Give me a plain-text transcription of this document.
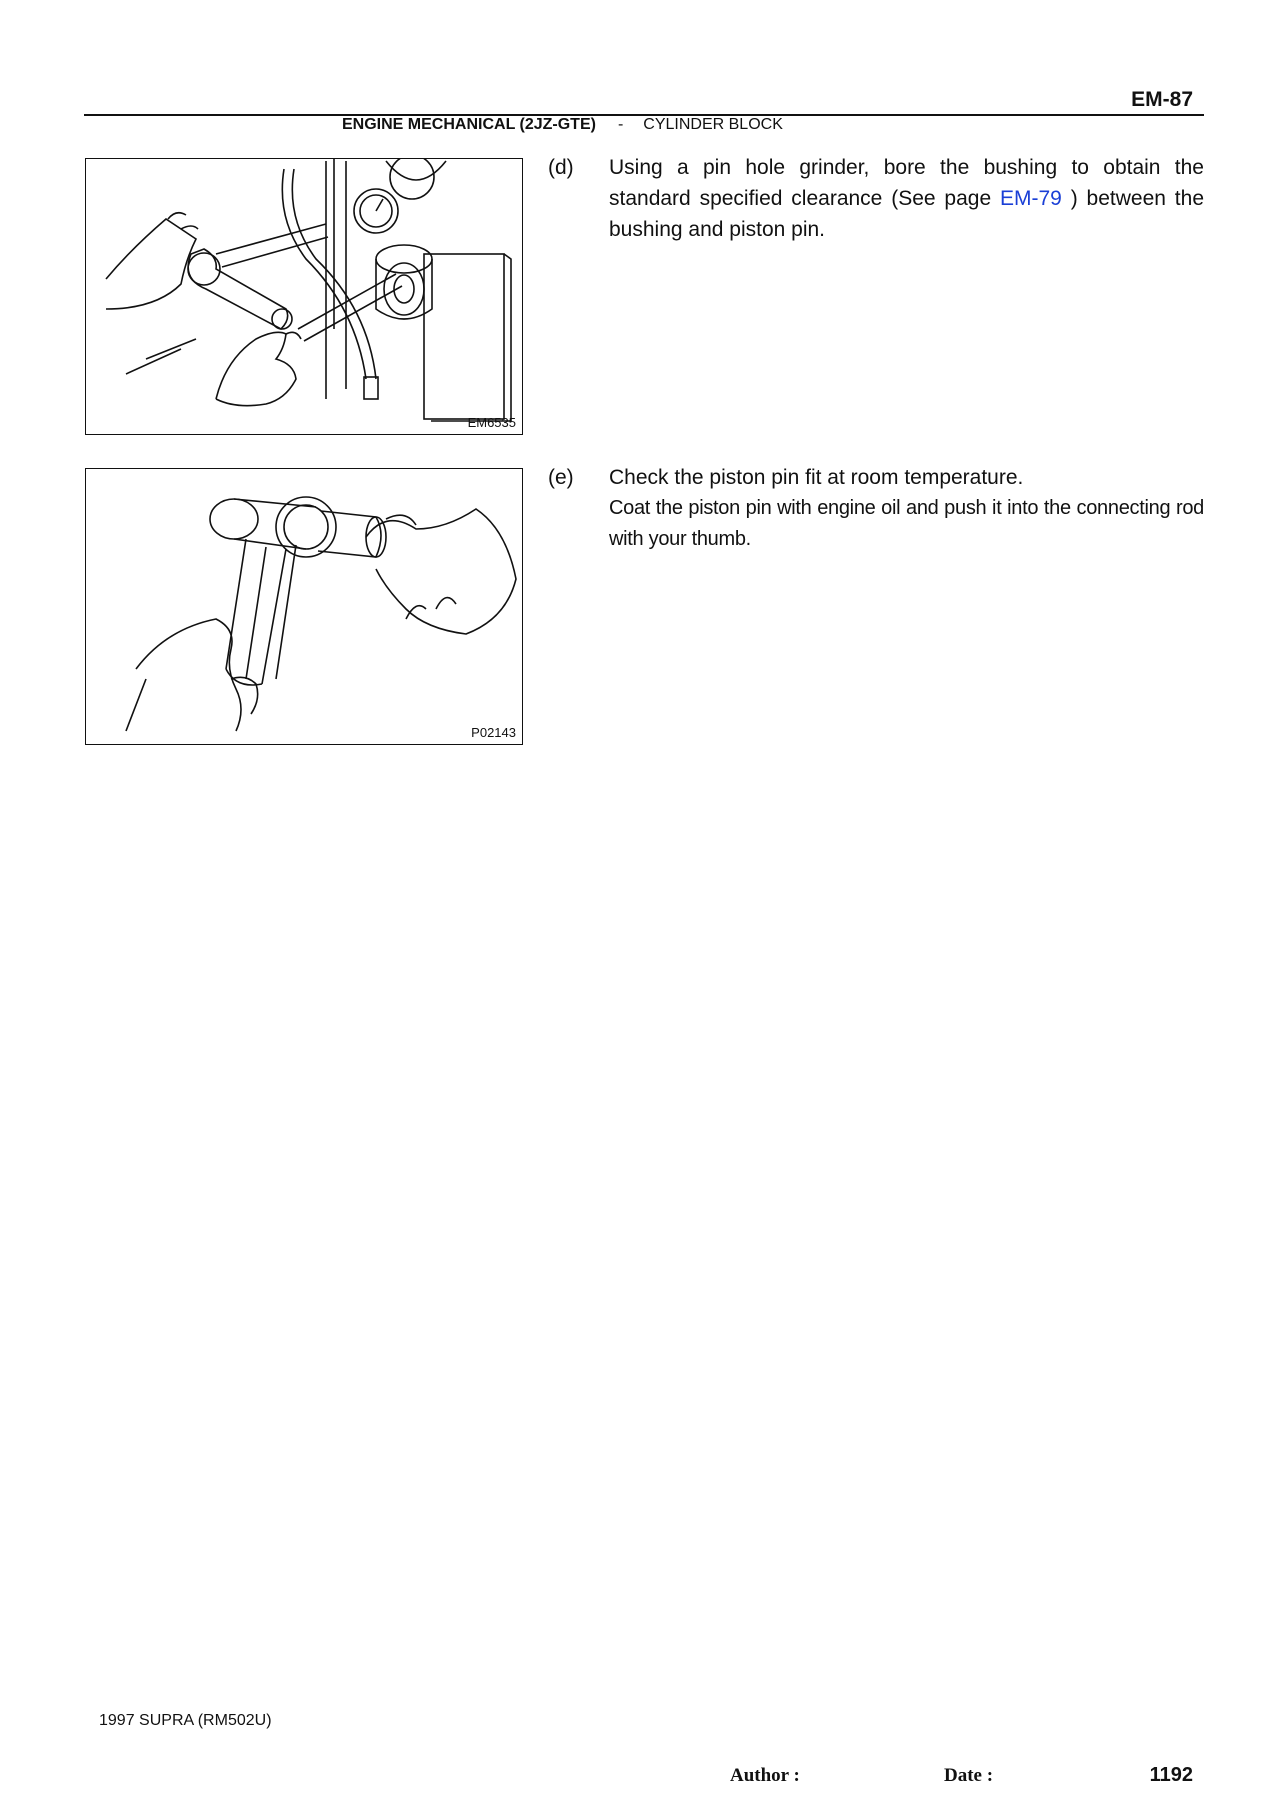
EM-87
ENGINE MECHANICAL (2JZ-GTE) - CYLINDER BLOCK
EM6535
P02143
(d) Using a pin hole grinder, bore the bushing to obtain the standard specified clearance (See page EM-79 ) between the bushing and piston pin.
(e) Check the piston pin fit at room temperature.
Coat the piston pin with engine oil and push it into the connecting rod with your thumb.
1997 SUPRA (RM502U)
Author :	Date :	1192
